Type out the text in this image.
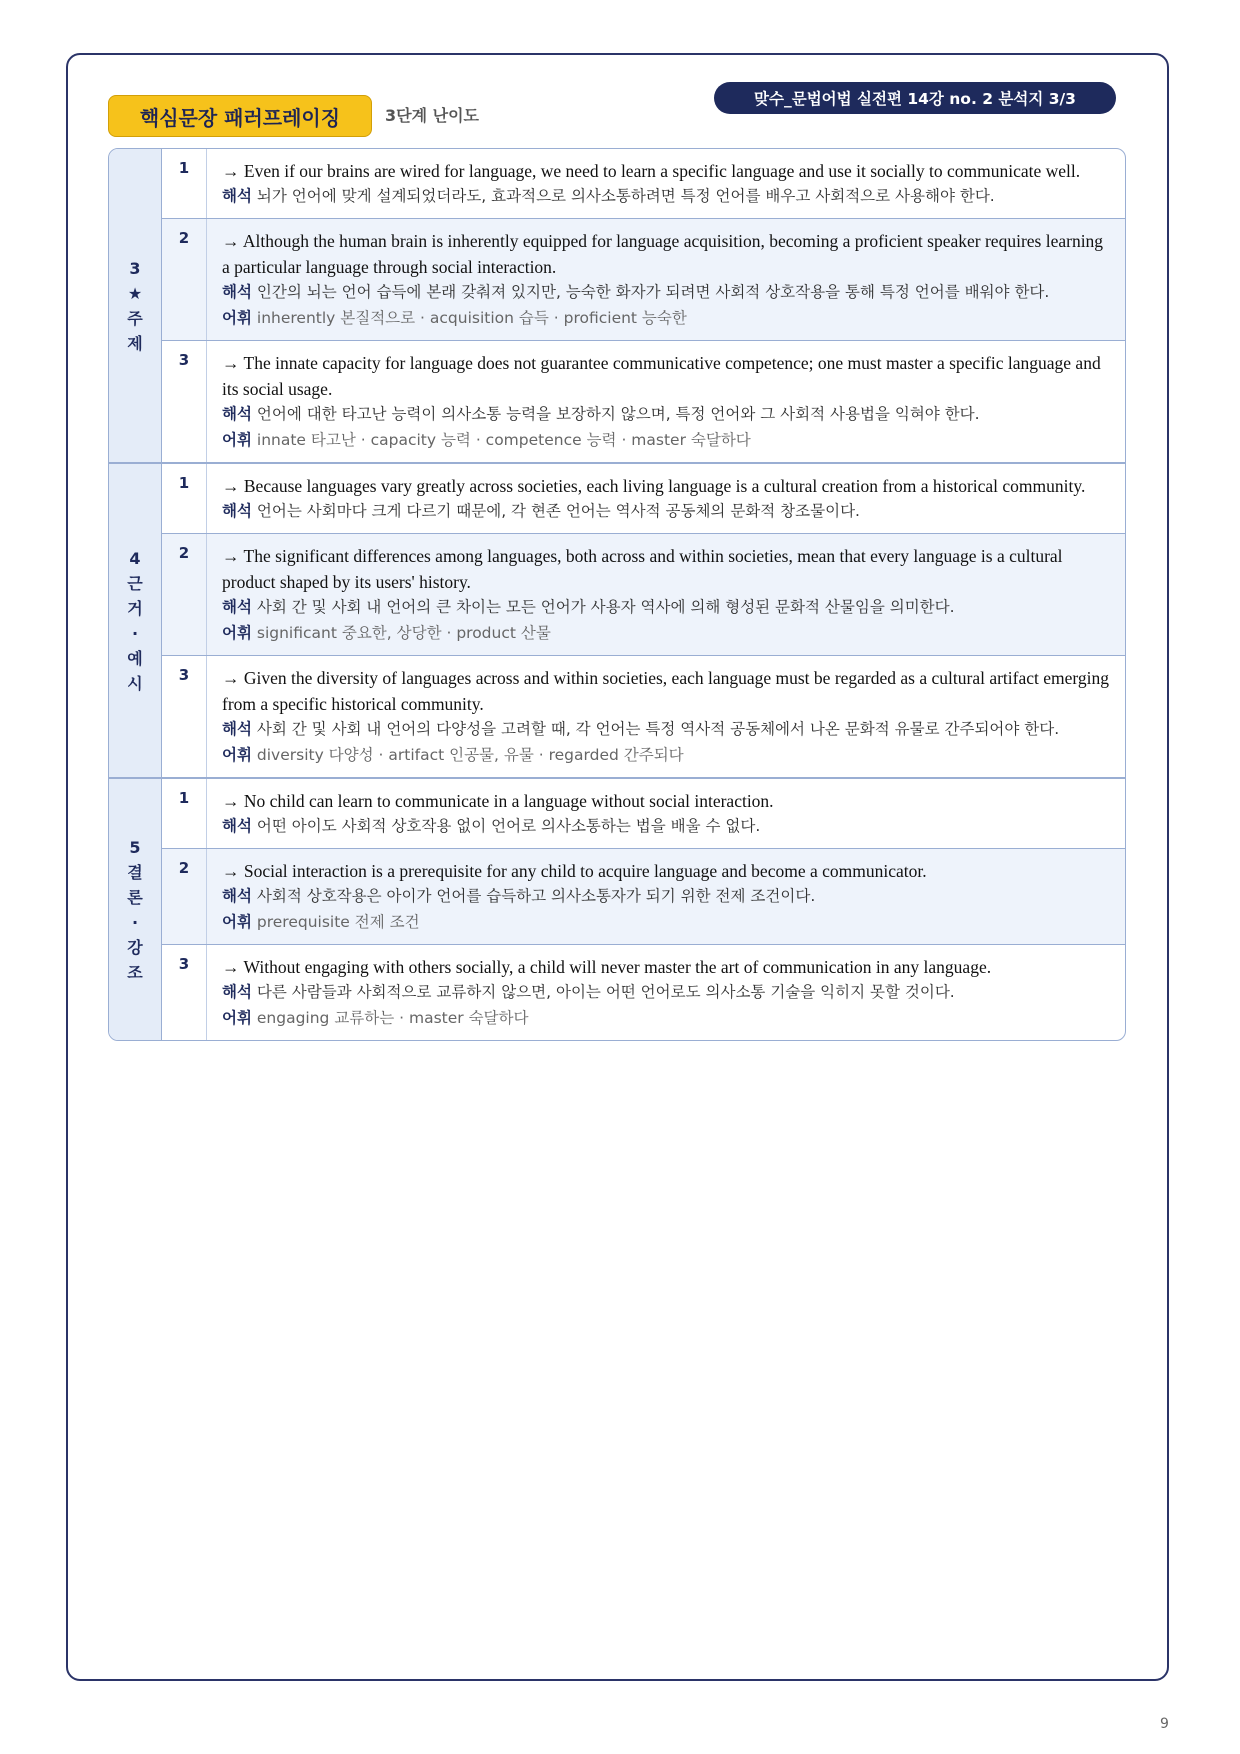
핵심문장 패러프레이징	3단계 난이도
맞수_문법어법 실전편 14강 no. 2 분석지 3/3
3
★
주
제
1	→ Even if our brains are wired for language, we need to learn a specific language and use it socially to communicate well.
해석 뇌가 언어에 맞게 설계되었더라도, 효과적으로 의사소통하려면 특정 언어를 배우고 사회적으로 사용해야 한다.
2	→ Although the human brain is inherently equipped for language acquisition, becoming a proficient speaker requires learning a particular language through social interaction.
해석 인간의 뇌는 언어 습득에 본래 갖춰져 있지만, 능숙한 화자가 되려면 사회적 상호작용을 통해 특정 언어를 배워야 한다.
어휘 inherently 본질적으로 · acquisition 습득 · proficient 능숙한
3	→ The innate capacity for language does not guarantee communicative competence; one must master a specific language and its social usage.
해석 언어에 대한 타고난 능력이 의사소통 능력을 보장하지 않으며, 특정 언어와 그 사회적 사용법을 익혀야 한다.
어휘 innate 타고난 · capacity 능력 · competence 능력 · master 숙달하다
4
근
거·
예
시
1	→ Because languages vary greatly across societies, each living language is a cultural creation from a historical community.
해석 언어는 사회마다 크게 다르기 때문에, 각 현존 언어는 역사적 공동체의 문화적 창조물이다.
2	→ The significant differences among languages, both across and within societies, mean that every language is a cultural product shaped by its users' history.
해석 사회 간 및 사회 내 언어의 큰 차이는 모든 언어가 사용자 역사에 의해 형성된 문화적 산물임을 의미한다.
어휘 significant 중요한, 상당한 · product 산물
3	→ Given the diversity of languages across and within societies, each language must be regarded as a cultural artifact emerging from a specific historical community.
해석 사회 간 및 사회 내 언어의 다양성을 고려할 때, 각 언어는 특정 역사적 공동체에서 나온 문화적 유물로 간주되어야 한다.
어휘 diversity 다양성 · artifact 인공물, 유물 · regarded 간주되다
5
결
론·
강
조
1	→ No child can learn to communicate in a language without social interaction.
해석 어떤 아이도 사회적 상호작용 없이 언어로 의사소통하는 법을 배울 수 없다.
2	→ Social interaction is a prerequisite for any child to acquire language and become a communicator.
해석 사회적 상호작용은 아이가 언어를 습득하고 의사소통자가 되기 위한 전제 조건이다.
어휘 prerequisite 전제 조건
3	→ Without engaging with others socially, a child will never master the art of communication in any language.
해석 다른 사람들과 사회적으로 교류하지 않으면, 아이는 어떤 언어로도 의사소통 기술을 익히지 못할 것이다.
어휘 engaging 교류하는 · master 숙달하다
9
